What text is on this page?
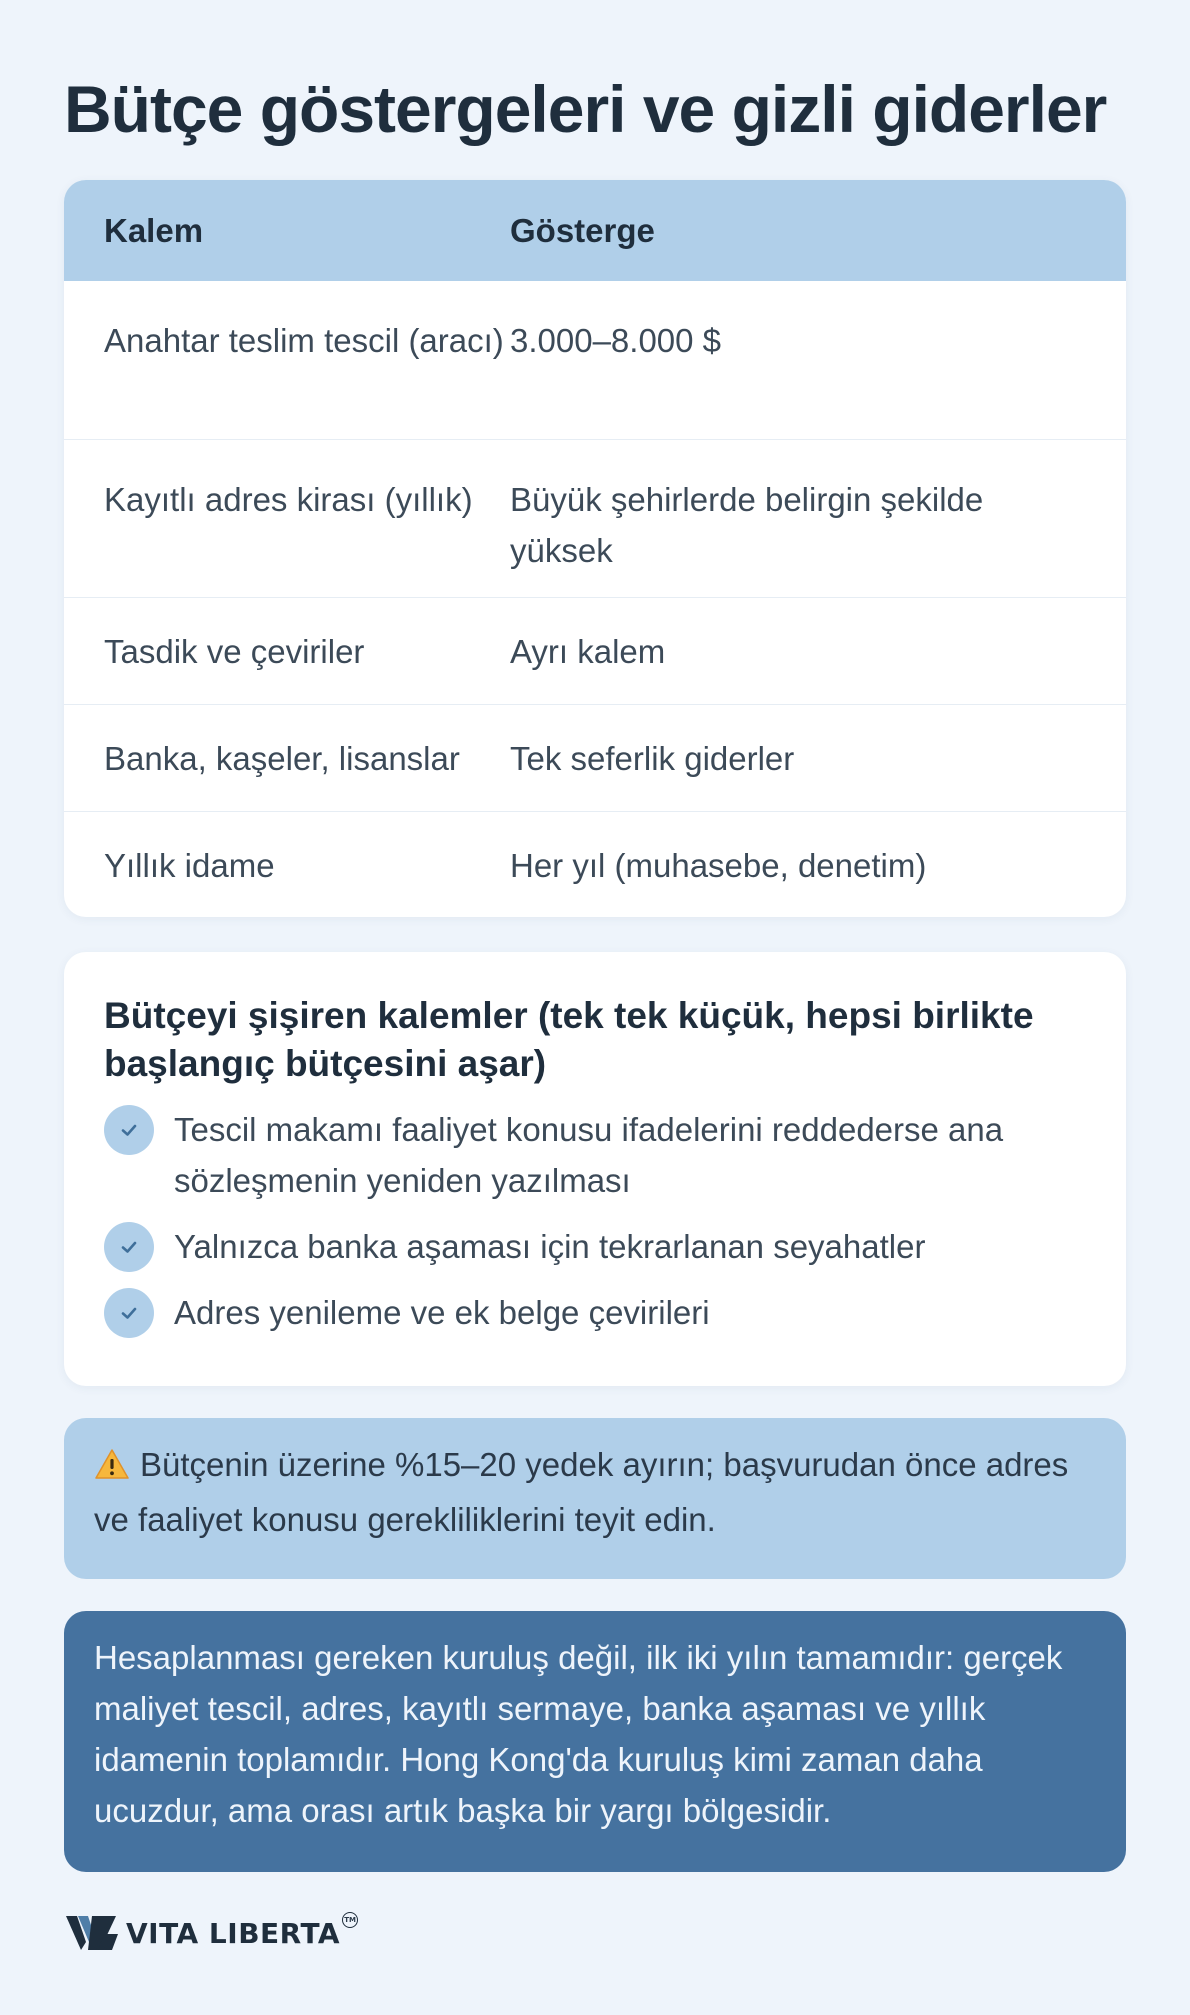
Bütçe göstergeleri ve gizli giderler
Kalem	Gösterge
Anahtar teslim tescil (aracı) 3.000–8.000 $
Kayıtlı adres kirası (yıllık)	Büyük şehirlerde belirgin şekilde yüksek
Tasdik ve çeviriler	Ayrı kalem
Banka, kaşeler, lisanslar	Tek seferlik giderler
Yıllık idame	Her yıl (muhasebe, denetim)
Bütçeyi şişiren kalemler (tek tek küçük, hepsi birlikte başlangıç bütçesini aşar)
Tescil makamı faaliyet konusu ifadelerini reddederse ana sözleşmenin yeniden yazılması
Yalnızca banka aşaması için tekrarlanan seyahatler
Adres yenileme ve ek belge çevirileri
Bütçenin üzerine %15–20 yedek ayırın; başvurudan önce adres ve faaliyet konusu gerekliliklerini teyit edin.
Hesaplanması gereken kuruluş değil, ilk iki yılın tamamıdır: gerçek maliyet tescil, adres, kayıtlı sermaye, banka aşaması ve yıllık idamenin toplamıdır. Hong Kong'da kuruluş kimi zaman daha ucuzdur, ama orası artık başka bir yargı bölgesidir.
VITA LIBERTA TM
